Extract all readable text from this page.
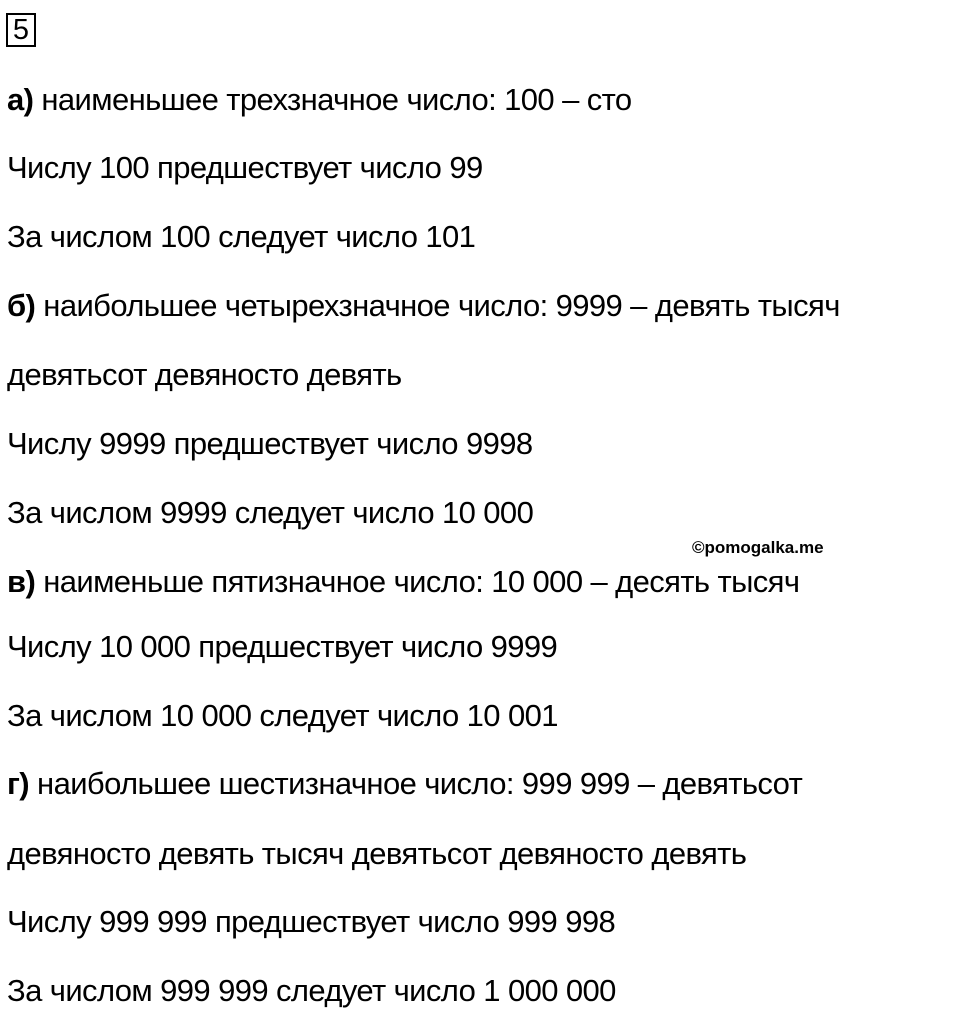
5
а) наименьшее трехзначное число: 100 – сто
Числу 100 предшествует число 99
За числом 100 следует число 101
б) наибольшее четырехзначное число: 9999 – девять тысяч
девятьсот девяносто девять
Числу 9999 предшествует число 9998
За числом 9999 следует число 10 000
©pomogalka.me
в) наименьше пятизначное число: 10 000 – десять тысяч
Числу 10 000 предшествует число 9999
За числом 10 000 следует число 10 001
г) наибольшее шестизначное число: 999 999 – девятьсот
девяносто девять тысяч девятьсот девяносто девять
Числу 999 999 предшествует число 999 998
За числом 999 999 следует число 1 000 000
